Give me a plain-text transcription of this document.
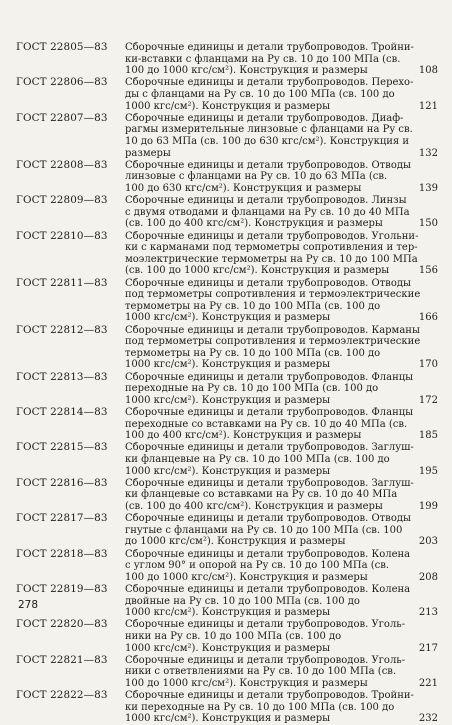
ГОСТ 22805—83 Сборочные единицы и детали трубопроводов. Тройни-
ки-вставки с фланцами на Pу св. 10 до 100 МПа (св.
100 до 1000 кгс/см²). Конструкция и размеры	108
ГОСТ 22806—83 Сборочные единицы и детали трубопроводов. Перехо-
ды с фланцами на Pу св. 10 до 100 МПа (св. 100 до
1000 кгс/см²). Конструкция и размеры	121
ГОСТ 22807—83 Сборочные единицы и детали трубопроводов. Диаф-
рагмы измерительные линзовые с фланцами на Pу св.
10 до 63 МПа (св. 100 до 630 кгс/см²). Конструкция и
размеры	132
ГОСТ 22808—83 Сборочные единицы и детали трубопроводов. Отводы
линзовые с фланцами на Pу св. 10 до 63 МПа (св.
100 до 630 кгс/см²). Конструкция и размеры	139
ГОСТ 22809—83 Сборочные единицы и детали трубопроводов. Линзы
с двумя отводами и фланцами на Pу св. 10 до 40 МПа
(св. 100 до 400 кгс/см²). Конструкция и размеры	150
ГОСТ 22810—83 Сборочные единицы и детали трубопроводов. Угольни-
ки с карманами под термометры сопротивления и тер-
моэлектрические термометры на Pу св. 10 до 100 МПа
(св. 100 до 1000 кгс/см²). Конструкция и размеры	156
ГОСТ 22811—83 Сборочные единицы и детали трубопроводов. Отводы
под термометры сопротивления и термоэлектрические
термометры на Pу св. 10 до 100 МПа (св. 100 до
1000 кгс/см²). Конструкция и размеры	166
ГОСТ 22812—83 Сборочные единицы и детали трубопроводов. Карманы
под термометры сопротивления и термоэлектрические
термометры на Pу св. 10 до 100 МПа (св. 100 до
1000 кгс/см²). Конструкция и размеры	170
ГОСТ 22813—83 Сборочные единицы и детали трубопроводов. Фланцы
переходные на Pу св. 10 до 100 МПа (св. 100 до
1000 кгс/см²). Конструкция и размеры	172
ГОСТ 22814—83 Сборочные единицы и детали трубопроводов. Фланцы
переходные со вставками на Pу св. 10 до 40 МПа (св.
100 до 400 кгс/см²). Конструкция и размеры	185
ГОСТ 22815—83 Сборочные единицы и детали трубопроводов. Заглуш-
ки фланцевые на Pу св. 10 до 100 МПа (св. 100 до
1000 кгс/см²). Конструкция и размеры	195
ГОСТ 22816—83 Сборочные единицы и детали трубопроводов. Заглуш-
ки фланцевые со вставками на Pу св. 10 до 40 МПа
(св. 100 до 400 кгс/см²). Конструкция и размеры	199
ГОСТ 22817—83 Сборочные единицы и детали трубопроводов. Отводы
гнутые с фланцами на Pу св. 10 до 100 МПа (св. 100
до 1000 кгс/см²). Конструкция и размеры	203
ГОСТ 22818—83 Сборочные единицы и детали трубопроводов. Колена
с углом 90° и опорой на Pу св. 10 до 100 МПа (св.
100 до 1000 кгс/см²). Конструкция и размеры	208
ГОСТ 22819—83 Сборочные единицы и детали трубопроводов. Колена
двойные на Pу св. 10 до 100 МПа (св. 100 до
1000 кгс/см²). Конструкция и размеры	213
ГОСТ 22820—83 Сборочные единицы и детали трубопроводов. Уголь-
ники на Pу св. 10 до 100 МПа (св. 100 до
1000 кгс/см²). Конструкция и размеры	217
ГОСТ 22821—83 Сборочные единицы и детали трубопроводов. Уголь-
ники с ответвлениями на Pу св. 10 до 100 МПа (св.
100 до 1000 кгс/см²). Конструкция и размеры	221
ГОСТ 22822—83 Сборочные единицы и детали трубопроводов. Тройни-
ки переходные на Pу св. 10 до 100 МПа (св. 100 до
1000 кгс/см²). Конструкция и размеры	232
278
